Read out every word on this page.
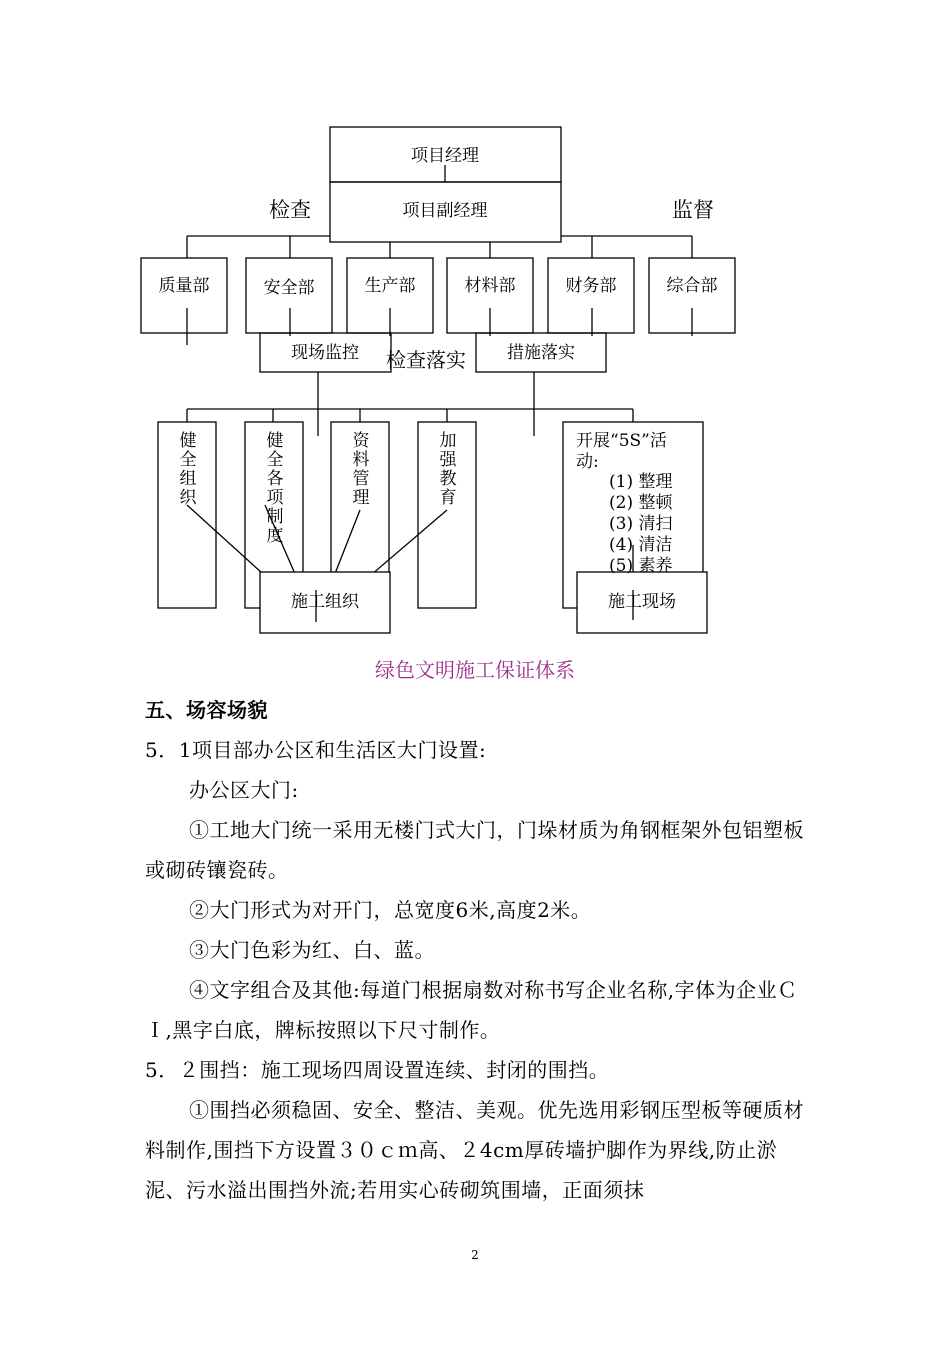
项目经理
项目副经理
质量部	安全部	生产部	材料部	财务部	综合部
现场监控	措施落实
施工组织	施工现场
检查	监督
检查落实
健全组织
健全各项制度
资料管理
加强教育
开展“5S”活 动:
(1) 整理
(2) 整顿
(3) 清扫
(4) 清洁
(5) 素养
绿色文明施工保证体系

五、场容场貌

5．1项目部办公区和生活区大门设置:

办公区大门:

①工地大门统一采用无楼门式大门，门垛材质为角钢框架外包铝塑板或砌砖镶瓷砖。

②大门形式为对开门，总宽度6米,高度2米。

③大门色彩为红、白、蓝。

④文字组合及其他:每道门根据扇数对称书写企业名称,字体为企业ＣＩ,黑字白底，牌标按照以下尺寸制作。

5．２围挡：施工现场四周设置连续、封闭的围挡。

①围挡必须稳固、安全、整洁、美观。优先选用彩钢压型板等硬质材料制作,围挡下方设置３０ｃｍ高、２4cm厚砖墙护脚作为界线,防止淤泥、污水溢出围挡外流;若用实心砖砌筑围墙，正面须抹

2
